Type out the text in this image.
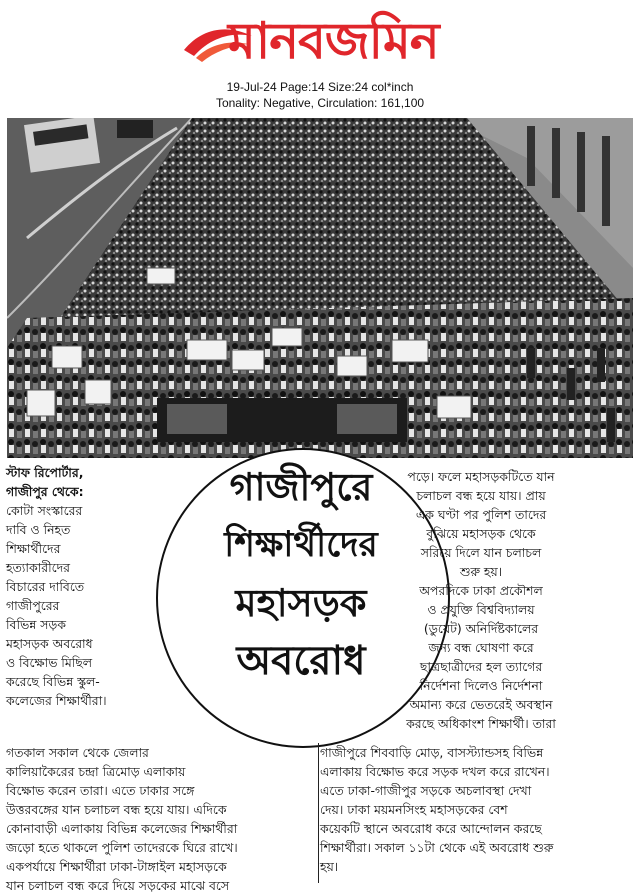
মানবজমিন
19-Jul-24 Page:14 Size:24 col*inch
Tonality: Negative, Circulation: 161,100

স্টাফ রিপোর্টার,

গাজীপুর থেকে:

কোটা সংস্কারের

দাবি ও নিহত

শিক্ষার্থীদের

হত্যাকারীদের

বিচারের দাবিতে

গাজীপুরের

বিভিন্ন সড়ক

মহাসড়ক অবরোধ

ও বিক্ষোভ মিছিল

করেছে বিভিন্ন স্কুল-

কলেজের শিক্ষার্থীরা।

গাজীপুরে

শিক্ষার্থীদের

মহাসড়ক

অবরোধ

পড়ে। ফলে মহাসড়কটিতে যান

চলাচল বন্ধ হয়ে যায়। প্রায়

এক ঘণ্টা পর পুলিশ তাদের

বুঝিয়ে মহাসড়ক থেকে

সরিয়ে দিলে যান চলাচল

শুরু হয়।

অপরদিকে ঢাকা প্রকৌশল

ও প্রযুক্তি বিশ্ববিদ্যালয়

(ডুয়েট) অনির্দিষ্টকালের

জন্য বন্ধ ঘোষণা করে

ছাত্রছাত্রীদের হল ত্যাগের

নির্দেশনা দিলেও নির্দেশনা

অমান্য করে ভেতরেই অবস্থান

করছে অধিকাংশ শিক্ষার্থী। তারা

গতকাল সকাল থেকে জেলার

কালিয়াকৈরের চন্দ্রা ত্রিমোড় এলাকায়

বিক্ষোভ করেন তারা। এতে ঢাকার সঙ্গে

উত্তরবঙ্গের যান চলাচল বন্ধ হয়ে যায়। এদিকে

কোনাবাড়ী এলাকায় বিভিন্ন কলেজের শিক্ষার্থীরা

জড়ো হতে থাকলে পুলিশ তাদেরকে ঘিরে রাখে।

একপর্যায়ে শিক্ষার্থীরা ঢাকা-টাঙ্গাইল মহাসড়কে

যান চলাচল বন্ধ করে দিয়ে সড়কের মাঝে বসে

গাজীপুরে শিববাড়ি মোড়, বাসস্ট্যান্ডসহ বিভিন্ন

এলাকায় বিক্ষোভ করে সড়ক দখল করে রাখেন।

এতে ঢাকা-গাজীপুর সড়কে অচলাবস্থা দেখা

দেয়। ঢাকা ময়মনসিংহ মহাসড়কের বেশ

কয়েকটি স্থানে অবরোধ করে আন্দোলন করছে

শিক্ষার্থীরা। সকাল ১১টা থেকে এই অবরোধ শুরু

হয়।
